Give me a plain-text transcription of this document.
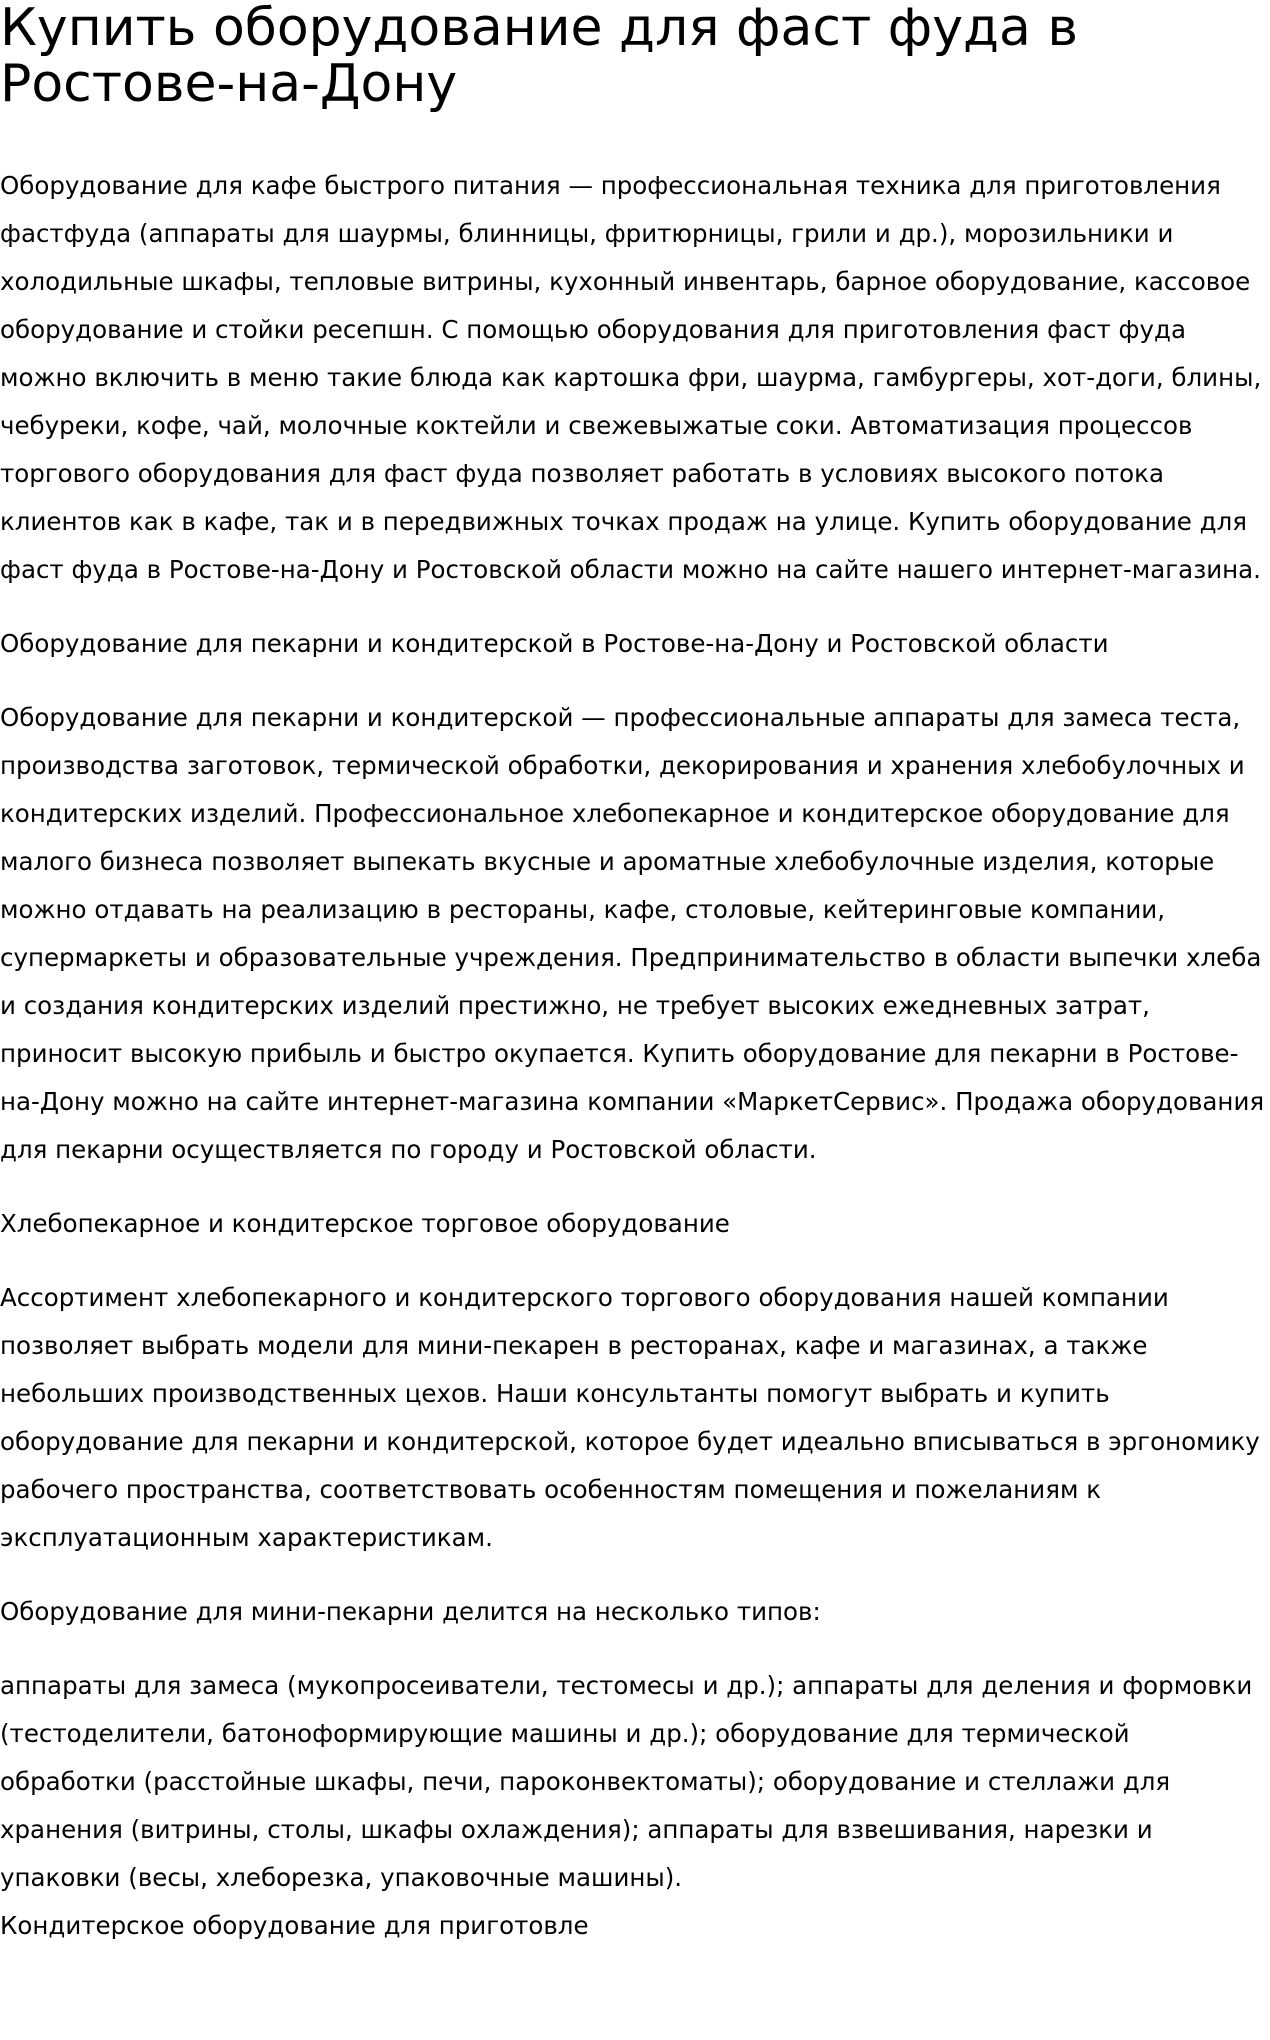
Купить оборудование для фаст фуда в Ростове-на-Дону

Оборудование для кафе быстрого питания — профессиональная техника для приготовления фастфуда (аппараты для шаурмы, блинницы, фритюрницы, грили и др.), морозильники и холодильные шкафы, тепловые витрины, кухонный инвентарь, барное оборудование, кассовое оборудование и стойки ресепшн. С помощью оборудования для приготовления фаст фуда можно включить в меню такие блюда как картошка фри, шаурма, гамбургеры, хот-доги, блины, чебуреки, кофе, чай, молочные коктейли и свежевыжатые соки. Автоматизация процессов торгового оборудования для фаст фуда позволяет работать в условиях высокого потока клиентов как в кафе, так и в передвижных точках продаж на улице. Купить оборудование для фаст фуда в Ростове-на-Дону и Ростовской области можно на сайте нашего интернет-магазина.

Оборудование для пекарни и кондитерской в Ростове-на-Дону и Ростовской области

Оборудование для пекарни и кондитерской — профессиональные аппараты для замеса теста, производства заготовок, термической обработки, декорирования и хранения хлебобулочных и кондитерских изделий. Профессиональное хлебопекарное и кондитерское оборудование для малого бизнеса позволяет выпекать вкусные и ароматные хлебобулочные изделия, которые можно отдавать на реализацию в рестораны, кафе, столовые, кейтеринговые компании, супермаркеты и образовательные учреждения. Предпринимательство в области выпечки хлеба и создания кондитерских изделий престижно, не требует высоких ежедневных затрат, приносит высокую прибыль и быстро окупается. Купить оборудование для пекарни в Ростове-на-Дону можно на сайте интернет-магазина компании «МаркетСервис». Продажа оборудования для пекарни осуществляется по городу и Ростовской области.

Хлебопекарное и кондитерское торговое оборудование

Ассортимент хлебопекарного и кондитерского торгового оборудования нашей компании позволяет выбрать модели для мини-пекарен в ресторанах, кафе и магазинах, а также небольших производственных цехов. Наши консультанты помогут выбрать и купить оборудование для пекарни и кондитерской, которое будет идеально вписываться в эргономику рабочего пространства, соответствовать особенностям помещения и пожеланиям к эксплуатационным характеристикам.

Оборудование для мини-пекарни делится на несколько типов:

аппараты для замеса (мукопросеиватели, тестомесы и др.); аппараты для деления и формовки (тестоделители, батоноформирующие машины и др.); оборудование для термической обработки (расстойные шкафы, печи, пароконвектоматы); оборудование и стеллажи для хранения (витрины, столы, шкафы охлаждения); аппараты для взвешивания, нарезки и упаковки (весы, хлеборезка, упаковочные машины).

Кондитерское оборудование для приготовле
